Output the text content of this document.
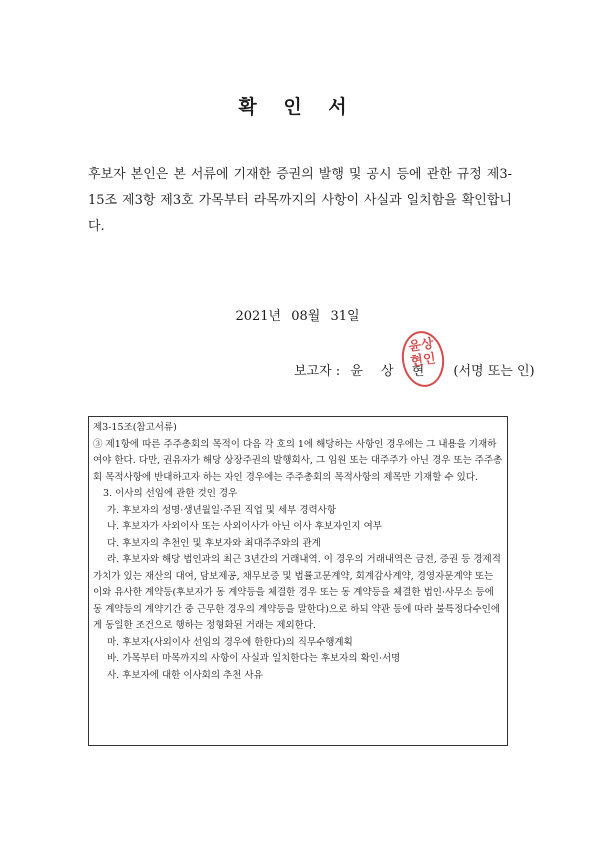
확 인 서

후보자 본인은 본 서류에 기재한 증권의 발행 및 공시 등에 관한 규정 제3-15조 제3항 제3호 가목부터 라목까지의 사항이 사실과 일치함을 확인합니다.

2021년 08월 31일
보고자 : 윤 상 현 (서명 또는 인)
윤상
현인

제3-15조(참고서류)

③ 제1항에 따른 주주총회의 목적이 다음 각 호의 1에 해당하는 사항인 경우에는 그 내용을 기재하여야 한다. 다만, 권유자가 해당 상장주권의 발행회사, 그 임원 또는 대주주가 아닌 경우 또는 주주총회 목적사항에 반대하고자 하는 자인 경우에는 주주총회의 목적사항의 제목만 기재할 수 있다.

3. 이사의 선임에 관한 것인 경우

가. 후보자의 성명·생년월일·주된 직업 및 세부 경력사항

나. 후보자가 사외이사 또는 사외이사가 아닌 이사 후보자인지 여부

다. 후보자의 추천인 및 후보자와 최대주주와의 관계

라. 후보자와 해당 법인과의 최근 3년간의 거래내역. 이 경우의 거래내역은 금전, 증권 등 경제적 가치가 있는 재산의 대여, 담보제공, 채무보증 및 법률고문계약, 회계감사계약, 경영자문계약 또는 이와 유사한 계약등(후보자가 동 계약등을 체결한 경우 또는 동 계약등을 체결한 법인·사무소 등에 동 계약등의 계약기간 중 근무한 경우의 계약등을 말한다)으로 하되 약관 등에 따라 불특정다수인에게 동일한 조건으로 행하는 정형화된 거래는 제외한다.

마. 후보자(사외이사 선임의 경우에 한한다)의 직무수행계획

바. 가목부터 마목까지의 사항이 사실과 일치한다는 후보자의 확인·서명

사. 후보자에 대한 이사회의 추천 사유
